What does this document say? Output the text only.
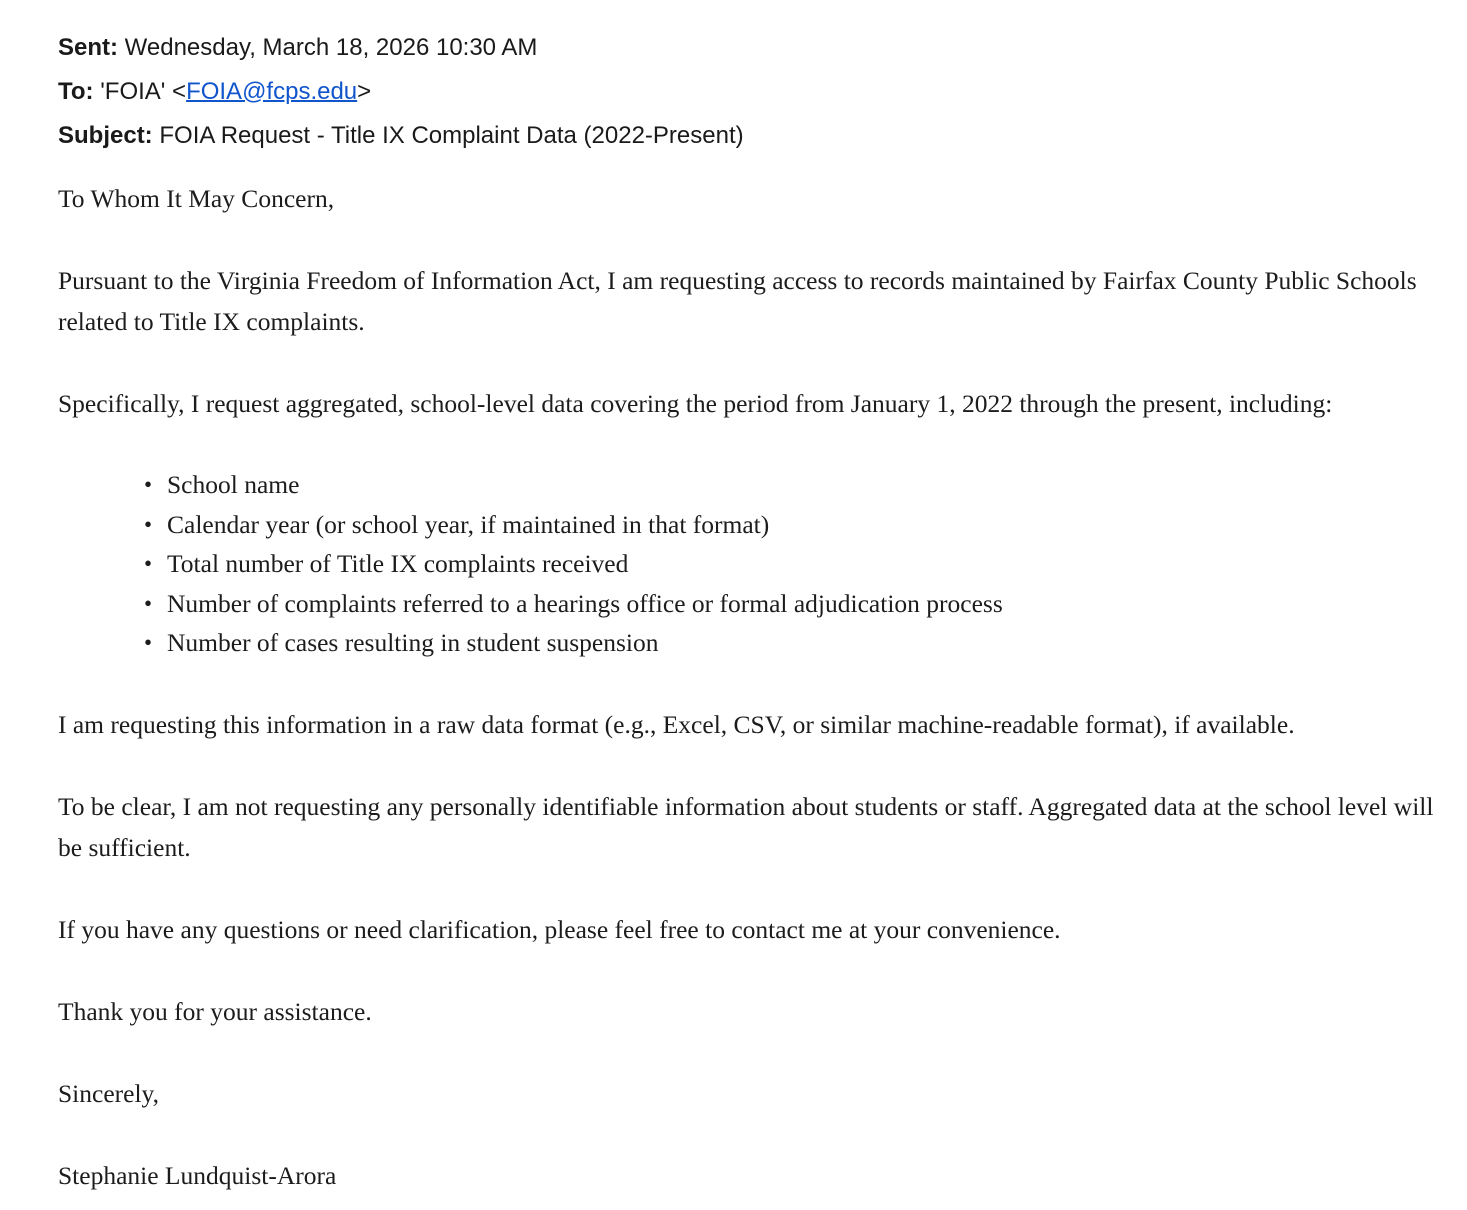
Sent: Wednesday, March 18, 2026 10:30 AM
To: 'FOIA' <FOIA@fcps.edu>
Subject: FOIA Request - Title IX Complaint Data (2022-Present)

To Whom It May Concern,

Pursuant to the Virginia Freedom of Information Act, I am requesting access to records maintained by Fairfax County Public Schools related to Title IX complaints.

Specifically, I request aggregated, school-level data covering the period from January 1, 2022 through the present, including:

• School name
• Calendar year (or school year, if maintained in that format)
• Total number of Title IX complaints received
• Number of complaints referred to a hearings office or formal adjudication process
• Number of cases resulting in student suspension

I am requesting this information in a raw data format (e.g., Excel, CSV, or similar machine-readable format), if available.

To be clear, I am not requesting any personally identifiable information about students or staff. Aggregated data at the school level will be sufficient.

If you have any questions or need clarification, please feel free to contact me at your convenience.

Thank you for your assistance.

Sincerely,

Stephanie Lundquist-Arora
